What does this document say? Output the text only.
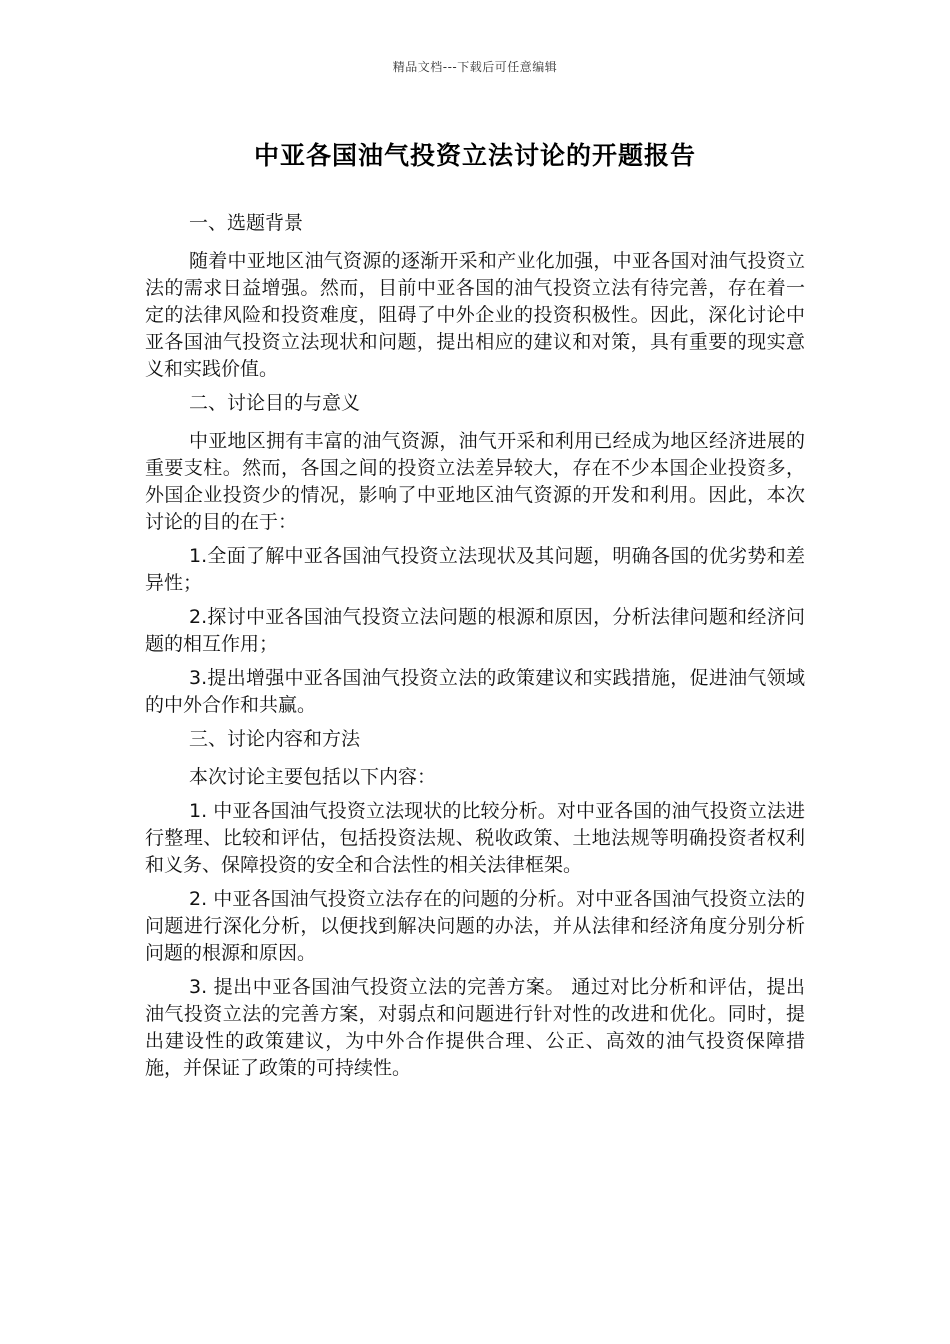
精品文档---下载后可任意编辑
中亚各国油气投资立法讨论的开题报告

一、选题背景

随着中亚地区油气资源的逐渐开采和产业化加强，中亚各国对油气投资立法的需求日益增强。然而，目前中亚各国的油气投资立法有待完善，存在着一定的法律风险和投资难度，阻碍了中外企业的投资积极性。因此，深化讨论中亚各国油气投资立法现状和问题，提出相应的建议和对策，具有重要的现实意义和实践价值。

二、讨论目的与意义

中亚地区拥有丰富的油气资源，油气开采和利用已经成为地区经济进展的重要支柱。然而，各国之间的投资立法差异较大，存在不少本国企业投资多，外国企业投资少的情况，影响了中亚地区油气资源的开发和利用。因此，本次讨论的目的在于：

1.全面了解中亚各国油气投资立法现状及其问题，明确各国的优劣势和差异性；

2.探讨中亚各国油气投资立法问题的根源和原因，分析法律问题和经济问题的相互作用；

3.提出增强中亚各国油气投资立法的政策建议和实践措施，促进油气领域的中外合作和共赢。

三、讨论内容和方法

本次讨论主要包括以下内容：

1. 中亚各国油气投资立法现状的比较分析。对中亚各国的油气投资立法进行整理、比较和评估，包括投资法规、税收政策、土地法规等明确投资者权利和义务、保障投资的安全和合法性的相关法律框架。

2. 中亚各国油气投资立法存在的问题的分析。对中亚各国油气投资立法的问题进行深化分析，以便找到解决问题的办法，并从法律和经济角度分别分析问题的根源和原因。

3. 提出中亚各国油气投资立法的完善方案。 通过对比分析和评估，提出油气投资立法的完善方案，对弱点和问题进行针对性的改进和优化。同时，提出建设性的政策建议，为中外合作提供合理、公正、高效的油气投资保障措施，并保证了政策的可持续性。
